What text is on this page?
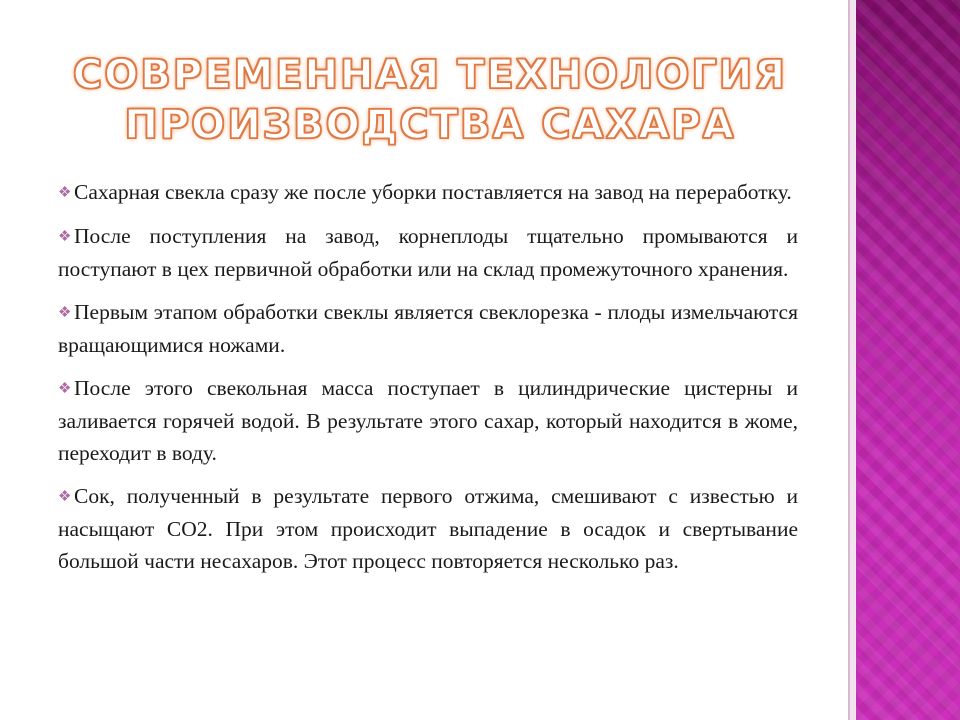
СОВРЕМЕННАЯ ТЕХНОЛОГИЯ
ПРОИЗВОДСТВА САХАРА

❖ Сахарная свекла сразу же после уборки поставляется на завод на переработку.

❖ После поступления на завод, корнеплоды тщательно промываются и поступают в цех первичной обработки или на склад промежуточного хранения.

❖ Первым этапом обработки свеклы является свеклорезка - плоды измельчаются вращающимися ножами.

❖ После этого свекольная масса поступает в цилиндрические цистерны и заливается горячей водой. В результате этого сахар, который находится в жоме, переходит в воду.

❖ Сок, полученный в результате первого отжима, смешивают с известью и насыщают СО2. При этом происходит выпадение в осадок и свертывание большой части несахаров. Этот процесс повторяется несколько раз.
